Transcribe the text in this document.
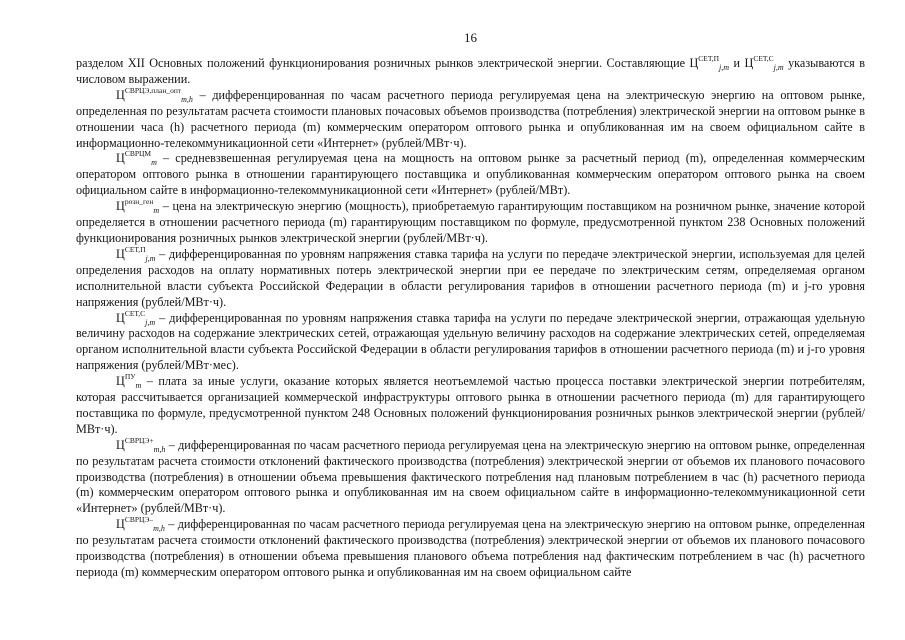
16

разделом XII Основных положений функционирования розничных рынков электрической энергии. Составляющие $Ц^{СЕТ,П}_{j,m}$ и $Ц^{СЕТ,С}_{j,m}$ указываются в числовом выражении.

$Ц^{СВРЦЭ,план\_опт}_{m,h}$ – дифференцированная по часам расчетного периода регулируемая цена на электрическую энергию на оптовом рынке, определенная по результатам расчета стоимости плановых почасовых объемов производства (потребления) электрической энергии на оптовом рынке в отношении часа (h) расчетного периода (m) коммерческим оператором оптового рынка и опубликованная им на своем официальном сайте в информационно-телекоммуникационной сети «Интернет» (рублей/МВт·ч).

$Ц^{СВРЦМ}_m$ – средневзвешенная регулируемая цена на мощность на оптовом рынке за расчетный период (m), определенная коммерческим оператором оптового рынка в отношении гарантирующего поставщика и опубликованная коммерческим оператором оптового рынка на своем официальном сайте в информационно-телекоммуникационной сети «Интернет» (рублей/МВт).

$Ц^{розн\_ген}_m$ – цена на электрическую энергию (мощность), приобретаемую гарантирующим поставщиком на розничном рынке, значение которой определяется в отношении расчетного периода (m) гарантирующим поставщиком по формуле, предусмотренной пунктом 238 Основных положений функционирования розничных рынков электрической энергии (рублей/МВт·ч).

$Ц^{СЕТ,П}_{j,m}$ – дифференцированная по уровням напряжения ставка тарифа на услуги по передаче электрической энергии, используемая для целей определения расходов на оплату нормативных потерь электрической энергии при ее передаче по электрическим сетям, определяемая органом исполнительной власти субъекта Российской Федерации в области регулирования тарифов в отношении расчетного периода (m) и j-го уровня напряжения (рублей/МВт·ч).

$Ц^{СЕТ,С}_{j,m}$ – дифференцированная по уровням напряжения ставка тарифа на услуги по передаче электрической энергии, отражающая удельную величину расходов на содержание электрических сетей, отражающая удельную величину расходов на содержание электрических сетей, определяемая органом исполнительной власти субъекта Российской Федерации в области регулирования тарифов в отношении расчетного периода (m) и j-го уровня напряжения (рублей/МВт·мес).

$Ц^{ПУ}_m$ – плата за иные услуги, оказание которых является неотъемлемой частью процесса поставки электрической энергии потребителям, которая рассчитывается организацией коммерческой инфраструктуры оптового рынка в отношении расчетного периода (m) для гарантирующего поставщика по формуле, предусмотренной пунктом 248 Основных положений функционирования розничных рынков электрической энергии (рублей/МВт·ч).

$Ц^{СВРЦЭ+}_{m,h}$ – дифференцированная по часам расчетного периода регулируемая цена на электрическую энергию на оптовом рынке, определенная по результатам расчета стоимости отклонений фактического производства (потребления) электрической энергии от объемов их планового почасового производства (потребления) в отношении объема превышения фактического потребления над плановым потреблением в час (h) расчетного периода (m) коммерческим оператором оптового рынка и опубликованная им на своем официальном сайте в информационно-телекоммуникационной сети «Интернет» (рублей/МВт·ч).

$Ц^{СВРЦЭ-}_{m,h}$ – дифференцированная по часам расчетного периода регулируемая цена на электрическую энергию на оптовом рынке, определенная по результатам расчета стоимости отклонений фактического производства (потребления) электрической энергии от объемов их планового почасового производства (потребления) в отношении объема превышения планового объема потребления над фактическим потреблением в час (h) расчетного периода (m) коммерческим оператором оптового рынка и опубликованная им на своем официальном сайте
